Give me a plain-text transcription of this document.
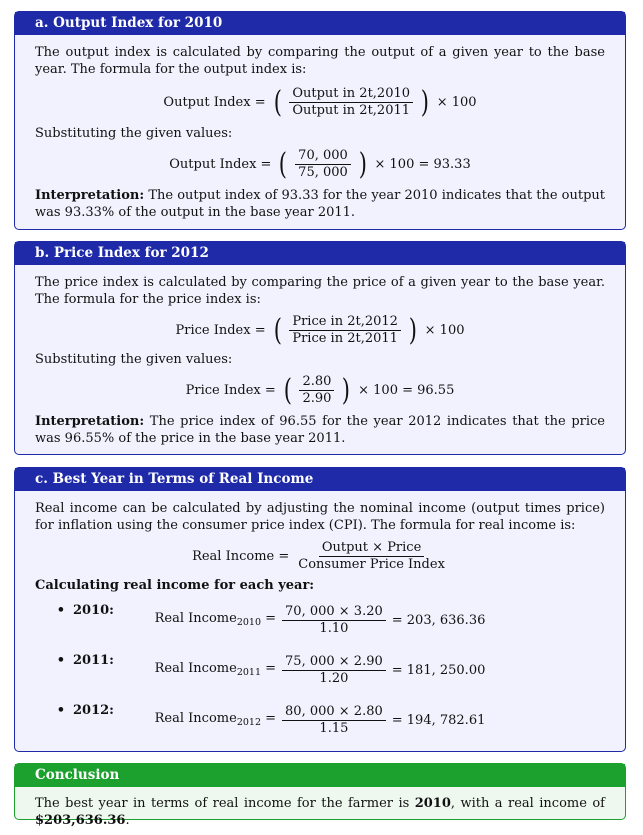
a. Output Index for 2010

The output index is calculated by comparing the output of a given year to the base year. The formula for the output index is:

Output Index = ( $\frac{\text{Output in 2t,2010}}{\text{Output in 2t,2011}}$ ) × 100

Substituting the given values:

Output Index = ( $\frac{70, 000}{75, 000}$ ) × 100 = 93.33

Interpretation: The output index of 93.33 for the year 2010 indicates that the output was 93.33% of the output in the base year 2011.

b. Price Index for 2012

The price index is calculated by comparing the price of a given year to the base year. The formula for the price index is:

Price Index = ( $\frac{\text{Price in 2t,2012}}{\text{Price in 2t,2011}}$ ) × 100

Substituting the given values:

Price Index = ( $\frac{2.80}{2.90}$ ) × 100 = 96.55

Interpretation: The price index of 96.55 for the year 2012 indicates that the price was 96.55% of the price in the base year 2011.

c. Best Year in Terms of Real Income

Real income can be calculated by adjusting the nominal income (output times price) for inflation using the consumer price index (CPI). The formula for real income is:

Real Income = $\frac{\text{Output × Price}}{\text{Consumer Price Index}}$

Calculating real income for each year:

• 2010:
Real Income$_{2010}$ = $\frac{70, 000 \times 3.20}{1.10} = 203$, 636.36
• 2011:
Real Income$_{2011}$ = $\frac{75, 000 \times 2.90}{1.20} = 181$, 250.00
• 2012:
Real Income$_{2012}$ = $\frac{80, 000 \times 2.80}{1.15} = 194$, 782.61
Conclusion

The best year in terms of real income for the farmer is 2010, with a real income of $203,636.36.
